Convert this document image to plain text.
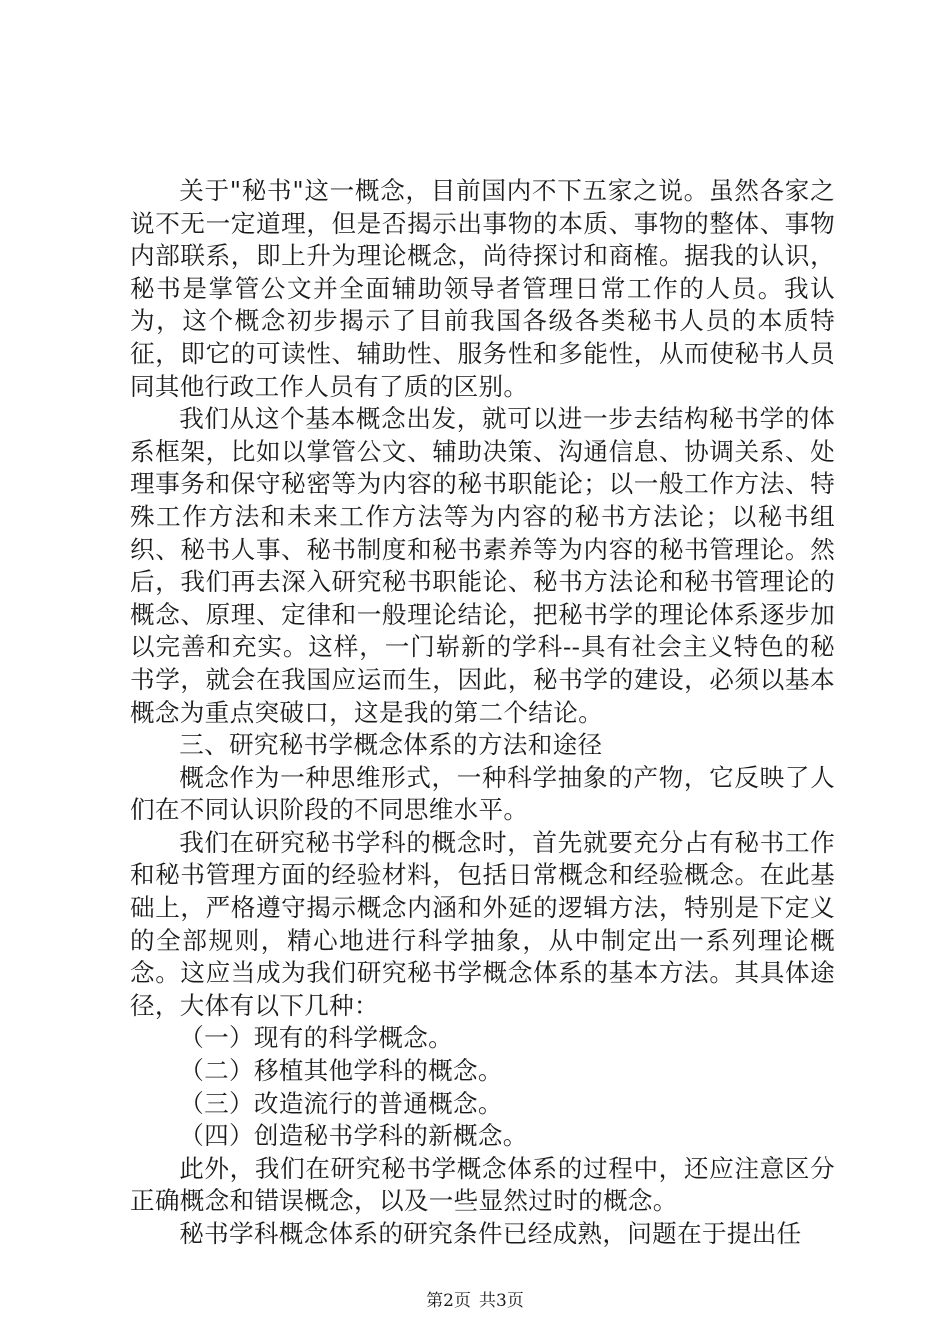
关于"秘书"这一概念，目前国内不下五家之说。虽然各家之说不无一定道理，但是否揭示出事物的本质、事物的整体、事物内部联系，即上升为理论概念，尚待探讨和商榷。据我的认识，秘书是掌管公文并全面辅助领导者管理日常工作的人员。我认为，这个概念初步揭示了目前我国各级各类秘书人员的本质特征，即它的可读性、辅助性、服务性和多能性，从而使秘书人员同其他行政工作人员有了质的区别。

我们从这个基本概念出发，就可以进一步去结构秘书学的体系框架，比如以掌管公文、辅助决策、沟通信息、协调关系、处理事务和保守秘密等为内容的秘书职能论；以一般工作方法、特殊工作方法和未来工作方法等为内容的秘书方法论；以秘书组织、秘书人事、秘书制度和秘书素养等为内容的秘书管理论。然后，我们再去深入研究秘书职能论、秘书方法论和秘书管理论的概念、原理、定律和一般理论结论，把秘书学的理论体系逐步加以完善和充实。这样，一门崭新的学科--具有社会主义特色的秘书学，就会在我国应运而生，因此，秘书学的建设，必须以基本概念为重点突破口，这是我的第二个结论。

三、研究秘书学概念体系的方法和途径

概念作为一种思维形式，一种科学抽象的产物，它反映了人们在不同认识阶段的不同思维水平。

我们在研究秘书学科的概念时，首先就要充分占有秘书工作和秘书管理方面的经验材料，包括日常概念和经验概念。在此基础上，严格遵守揭示概念内涵和外延的逻辑方法，特别是下定义的全部规则，精心地进行科学抽象，从中制定出一系列理论概念。这应当成为我们研究秘书学概念体系的基本方法。其具体途径，大体有以下几种：

（一）现有的科学概念。

（二）移植其他学科的概念。

（三）改造流行的普通概念。

（四）创造秘书学科的新概念。

此外，我们在研究秘书学概念体系的过程中，还应注意区分正确概念和错误概念，以及一些显然过时的概念。

秘书学科概念体系的研究条件已经成熟，问题在于提出任

第2页 共3页
